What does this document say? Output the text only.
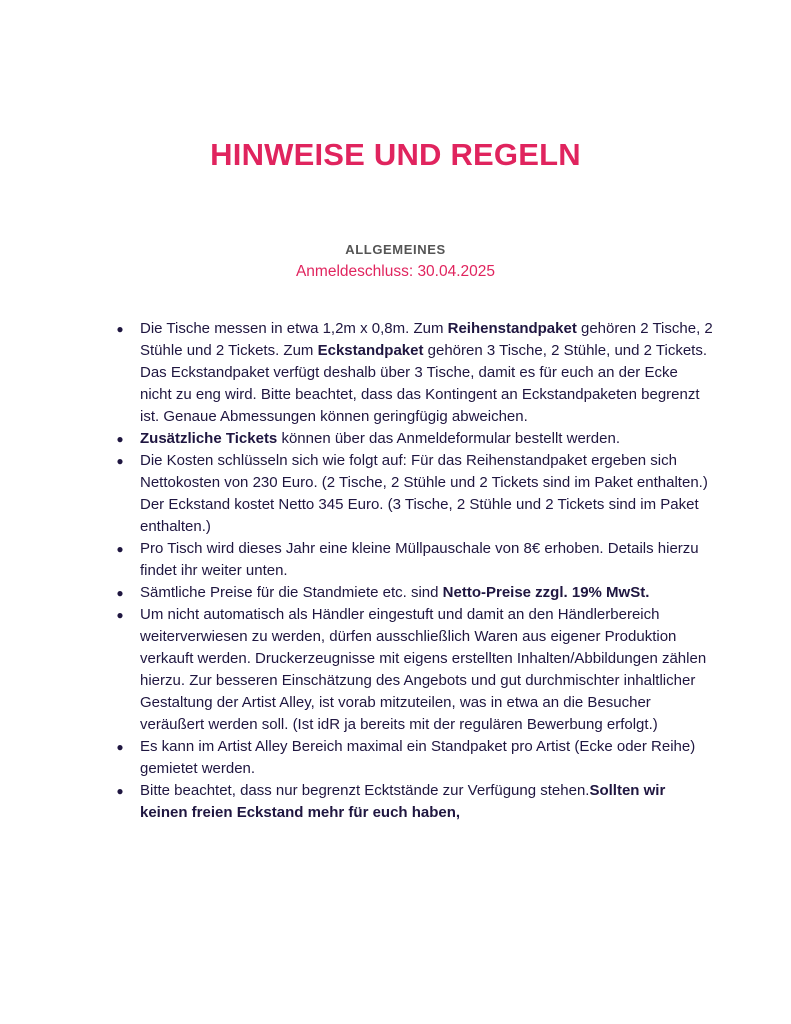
HINWEISE UND REGELN
ALLGEMEINES

Anmeldeschluss: 30.04.2025

● Die Tische messen in etwa 1,2m x 0,8m. Zum Reihenstandpaket gehören 2 Tische, 2 Stühle und 2 Tickets. Zum Eckstandpaket gehören 3 Tische, 2 Stühle, und 2 Tickets. Das Eckstandpaket verfügt deshalb über 3 Tische, damit es für euch an der Ecke nicht zu eng wird. Bitte beachtet, dass das Kontingent an Eckstandpaketen begrenzt ist. Genaue Abmessungen können geringfügig abweichen.
● Zusätzliche Tickets können über das Anmeldeformular bestellt werden.
● Die Kosten schlüsseln sich wie folgt auf: Für das Reihenstandpaket ergeben sich Nettokosten von 230 Euro. (2 Tische, 2 Stühle und 2 Tickets sind im Paket enthalten.) Der Eckstand kostet Netto 345 Euro. (3 Tische, 2 Stühle und 2 Tickets sind im Paket enthalten.)
● Pro Tisch wird dieses Jahr eine kleine Müllpauschale von 8€ erhoben. Details hierzu findet ihr weiter unten.
● Sämtliche Preise für die Standmiete etc. sind Netto-Preise zzgl. 19% MwSt.
● Um nicht automatisch als Händler eingestuft und damit an den Händlerbereich weiterverwiesen zu werden, dürfen ausschließlich Waren aus eigener Produktion verkauft werden. Druckerzeugnisse mit eigens erstellten Inhalten/Abbildungen zählen hierzu. Zur besseren Einschätzung des Angebots und gut durchmischter inhaltlicher Gestaltung der Artist Alley, ist vorab mitzuteilen, was in etwa an die Besucher veräußert werden soll. (Ist idR ja bereits mit der regulären Bewerbung erfolgt.)
● Es kann im Artist Alley Bereich maximal ein Standpaket pro Artist (Ecke oder Reihe) gemietet werden.
● Bitte beachtet, dass nur begrenzt Ecktstände zur Verfügung stehen.Sollten wir keinen freien Eckstand mehr für euch haben,
